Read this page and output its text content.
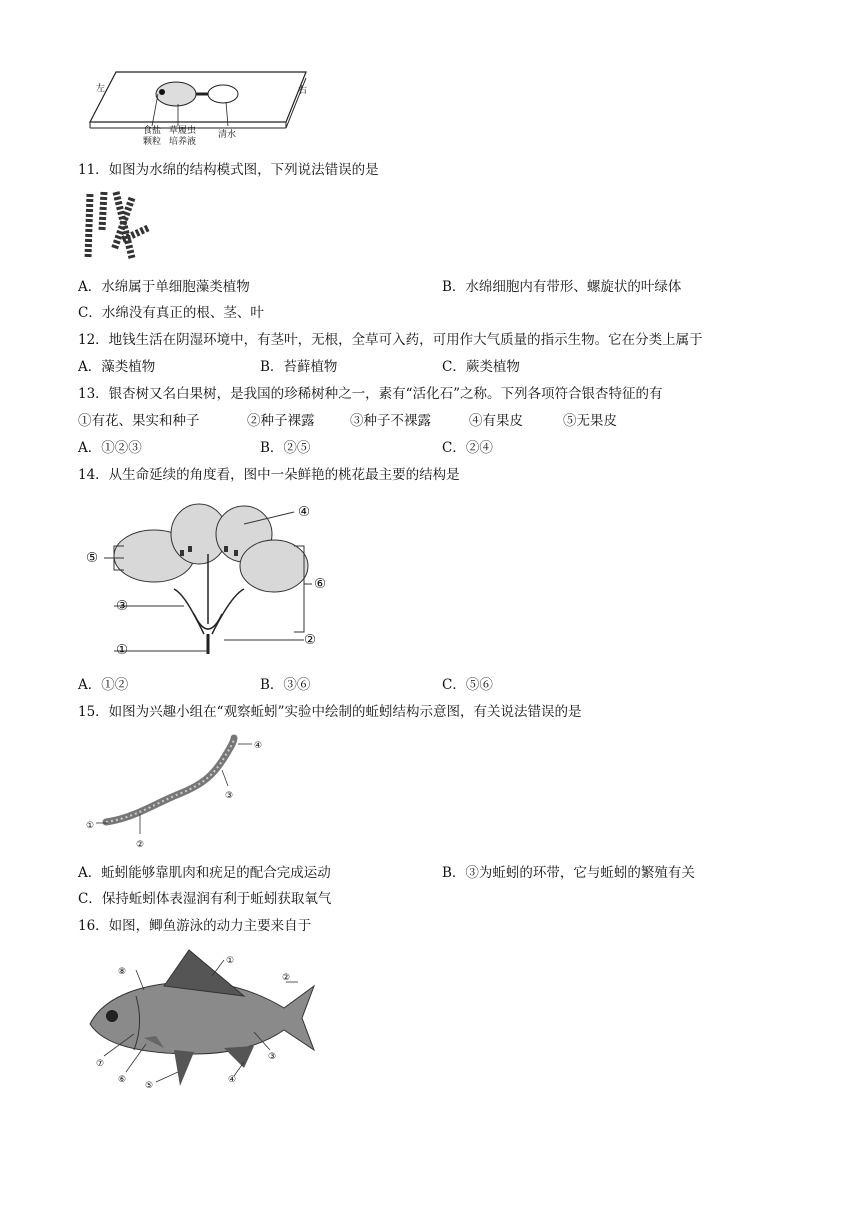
左	右
食盐
颗粒
草履虫
培养液
清水
11．如图为水绵的结构模式图，下列说法错误的是
A．水绵属于单细胞藻类植物	B．水绵细胞内有带形、螺旋状的叶绿体
C．水绵没有真正的根、茎、叶
12．地钱生活在阴湿环境中，有茎叶，无根，全草可入药，可用作大气质量的指示生物。它在分类上属于
A．藻类植物	B．苔藓植物	C．蕨类植物
13．银杏树又名白果树，是我国的珍稀树种之一，素有“活化石”之称。下列各项符合银杏特征的有
①有花、果实和种子	②种子裸露	③种子不裸露	④有果皮	⑤无果皮
A．①②③	B．②⑤	C．②④
14．从生命延续的角度看，图中一朵鲜艳的桃花最主要的结构是
④
⑤
⑥
③
②
①
A．①②	B．③⑥	C．⑤⑥
15．如图为兴趣小组在“观察蚯蚓”实验中绘制的蚯蚓结构示意图，有关说法错误的是
④
③
①
②
A．蚯蚓能够靠肌肉和疣足的配合完成运动	B．③为蚯蚓的环带，它与蚯蚓的繁殖有关
C．保持蚯蚓体表湿润有利于蚯蚓获取氧气
16．如图，鲫鱼游泳的动力主要来自于
①
⑧
②
③
⑦
⑥	④
⑤
